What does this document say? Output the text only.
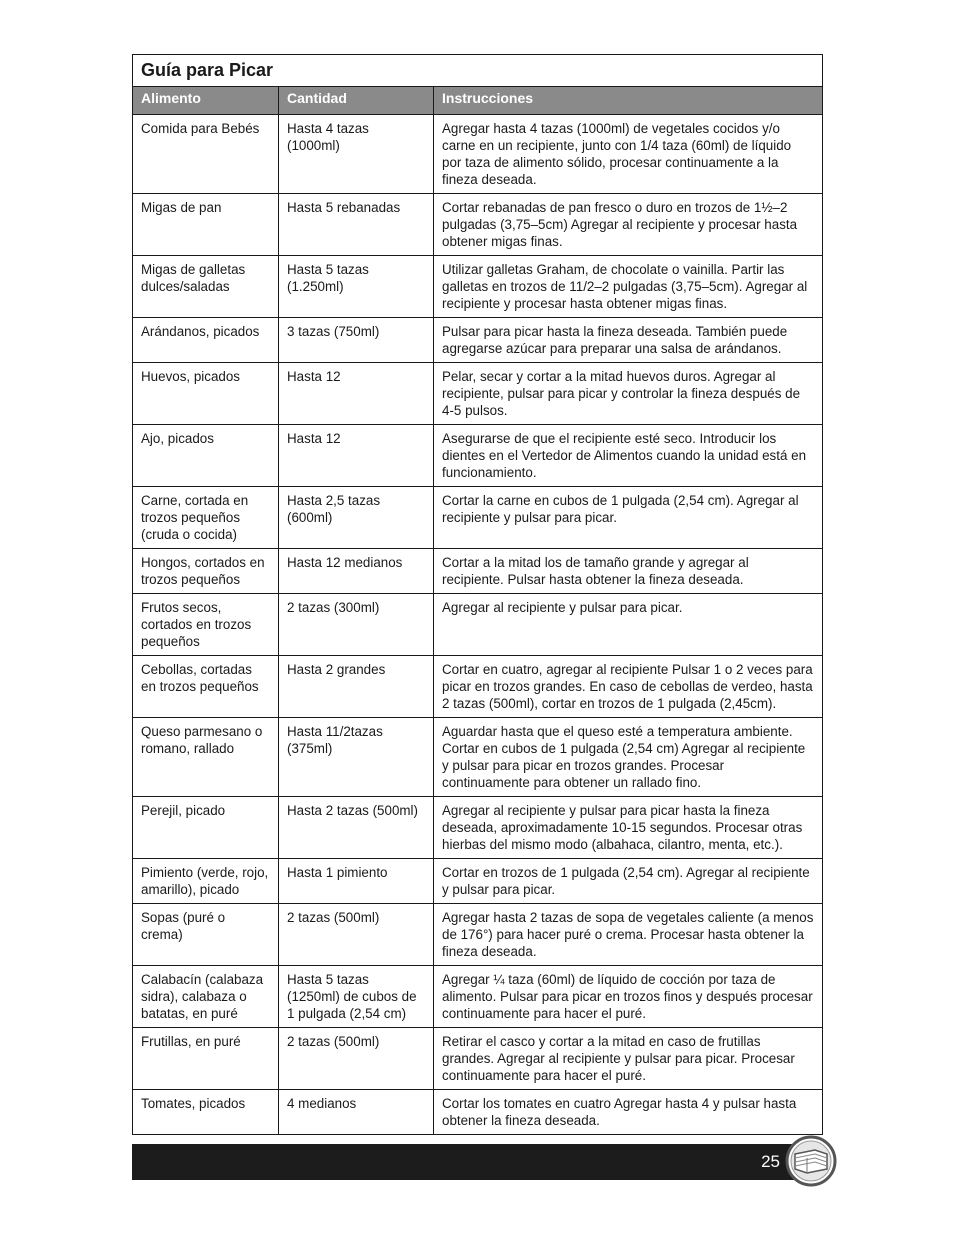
Guía para Picar		
Alimento	Cantidad	Instrucciones
Comida para Bebés	Hasta 4 tazas (1000ml)	Agregar hasta 4 tazas (1000ml) de vegetales cocidos y/o carne en un recipiente, junto con 1/4 taza (60ml) de líquido por taza de alimento sólido, procesar continuamente a la fineza deseada.
Migas de pan	Hasta 5 rebanadas	Cortar rebanadas de pan fresco o duro en trozos de 1½–2 pulgadas (3,75–5cm) Agregar al recipiente y procesar hasta obtener migas finas.
Migas de galletas dulces/saladas	Hasta 5 tazas (1.250ml)	Utilizar galletas Graham, de chocolate o vainilla. Partir las galletas en trozos de 11/2–2 pulgadas (3,75–5cm). Agregar al recipiente y procesar hasta obtener migas finas.
Arándanos, picados	3 tazas (750ml)	Pulsar para picar hasta la fineza deseada. También puede agregarse azúcar para preparar una salsa de arándanos.
Huevos, picados	Hasta 12	Pelar, secar y cortar a la mitad huevos duros. Agregar al recipiente, pulsar para picar y controlar la fineza después de 4-5 pulsos.
Ajo, picados	Hasta 12	Asegurarse de que el recipiente esté seco. Introducir los dientes en el Vertedor de Alimentos cuando la unidad está en funcionamiento.
Carne, cortada en trozos pequeños (cruda o cocida)	Hasta 2,5 tazas (600ml)	Cortar la carne en cubos de 1 pulgada (2,54 cm). Agregar al recipiente y pulsar para picar.
Hongos, cortados en trozos pequeños	Hasta 12 medianos	Cortar a la mitad los de tamaño grande y agregar al recipiente. Pulsar hasta obtener la fineza deseada.
Frutos secos, cortados en trozos pequeños	2 tazas (300ml)	Agregar al recipiente y pulsar para picar.
Cebollas, cortadas en trozos pequeños	Hasta 2 grandes	Cortar en cuatro, agregar al recipiente Pulsar 1 o 2 veces para picar en trozos grandes. En caso de cebollas de verdeo, hasta 2 tazas (500ml), cortar en trozos de 1 pulgada (2,45cm).
Queso parmesano o romano, rallado	Hasta 11/2tazas (375ml)	Aguardar hasta que el queso esté a temperatura ambiente. Cortar en cubos de 1 pulgada (2,54 cm) Agregar al recipiente y pulsar para picar en trozos grandes. Procesar continuamente para obtener un rallado fino.
Perejil, picado	Hasta 2 tazas (500ml)	Agregar al recipiente y pulsar para picar hasta la fineza deseada, aproximadamente 10-15 segundos. Procesar otras hierbas del mismo modo (albahaca, cilantro, menta, etc.).
Pimiento (verde, rojo, amarillo), picado	Hasta 1 pimiento	Cortar en trozos de 1 pulgada (2,54 cm). Agregar al recipiente y pulsar para picar.
Sopas (puré o crema)	2 tazas (500ml)	Agregar hasta 2 tazas de sopa de vegetales caliente (a menos de 176°) para hacer puré o crema. Procesar hasta obtener la fineza deseada.
Calabacín (calabaza sidra), calabaza o batatas, en puré	Hasta 5 tazas (1250ml) de cubos de 1 pulgada (2,54 cm)	Agregar ¼ taza (60ml) de líquido de cocción por taza de alimento. Pulsar para picar en trozos finos y después procesar continuamente para hacer el puré.
Frutillas, en puré	2 tazas (500ml)	Retirar el casco y cortar a la mitad en caso de frutillas grandes. Agregar al recipiente y pulsar para picar. Procesar continuamente para hacer el puré.
Tomates, picados	4 medianos	Cortar los tomates en cuatro Agregar hasta 4 y pulsar hasta obtener la fineza deseada.
25
